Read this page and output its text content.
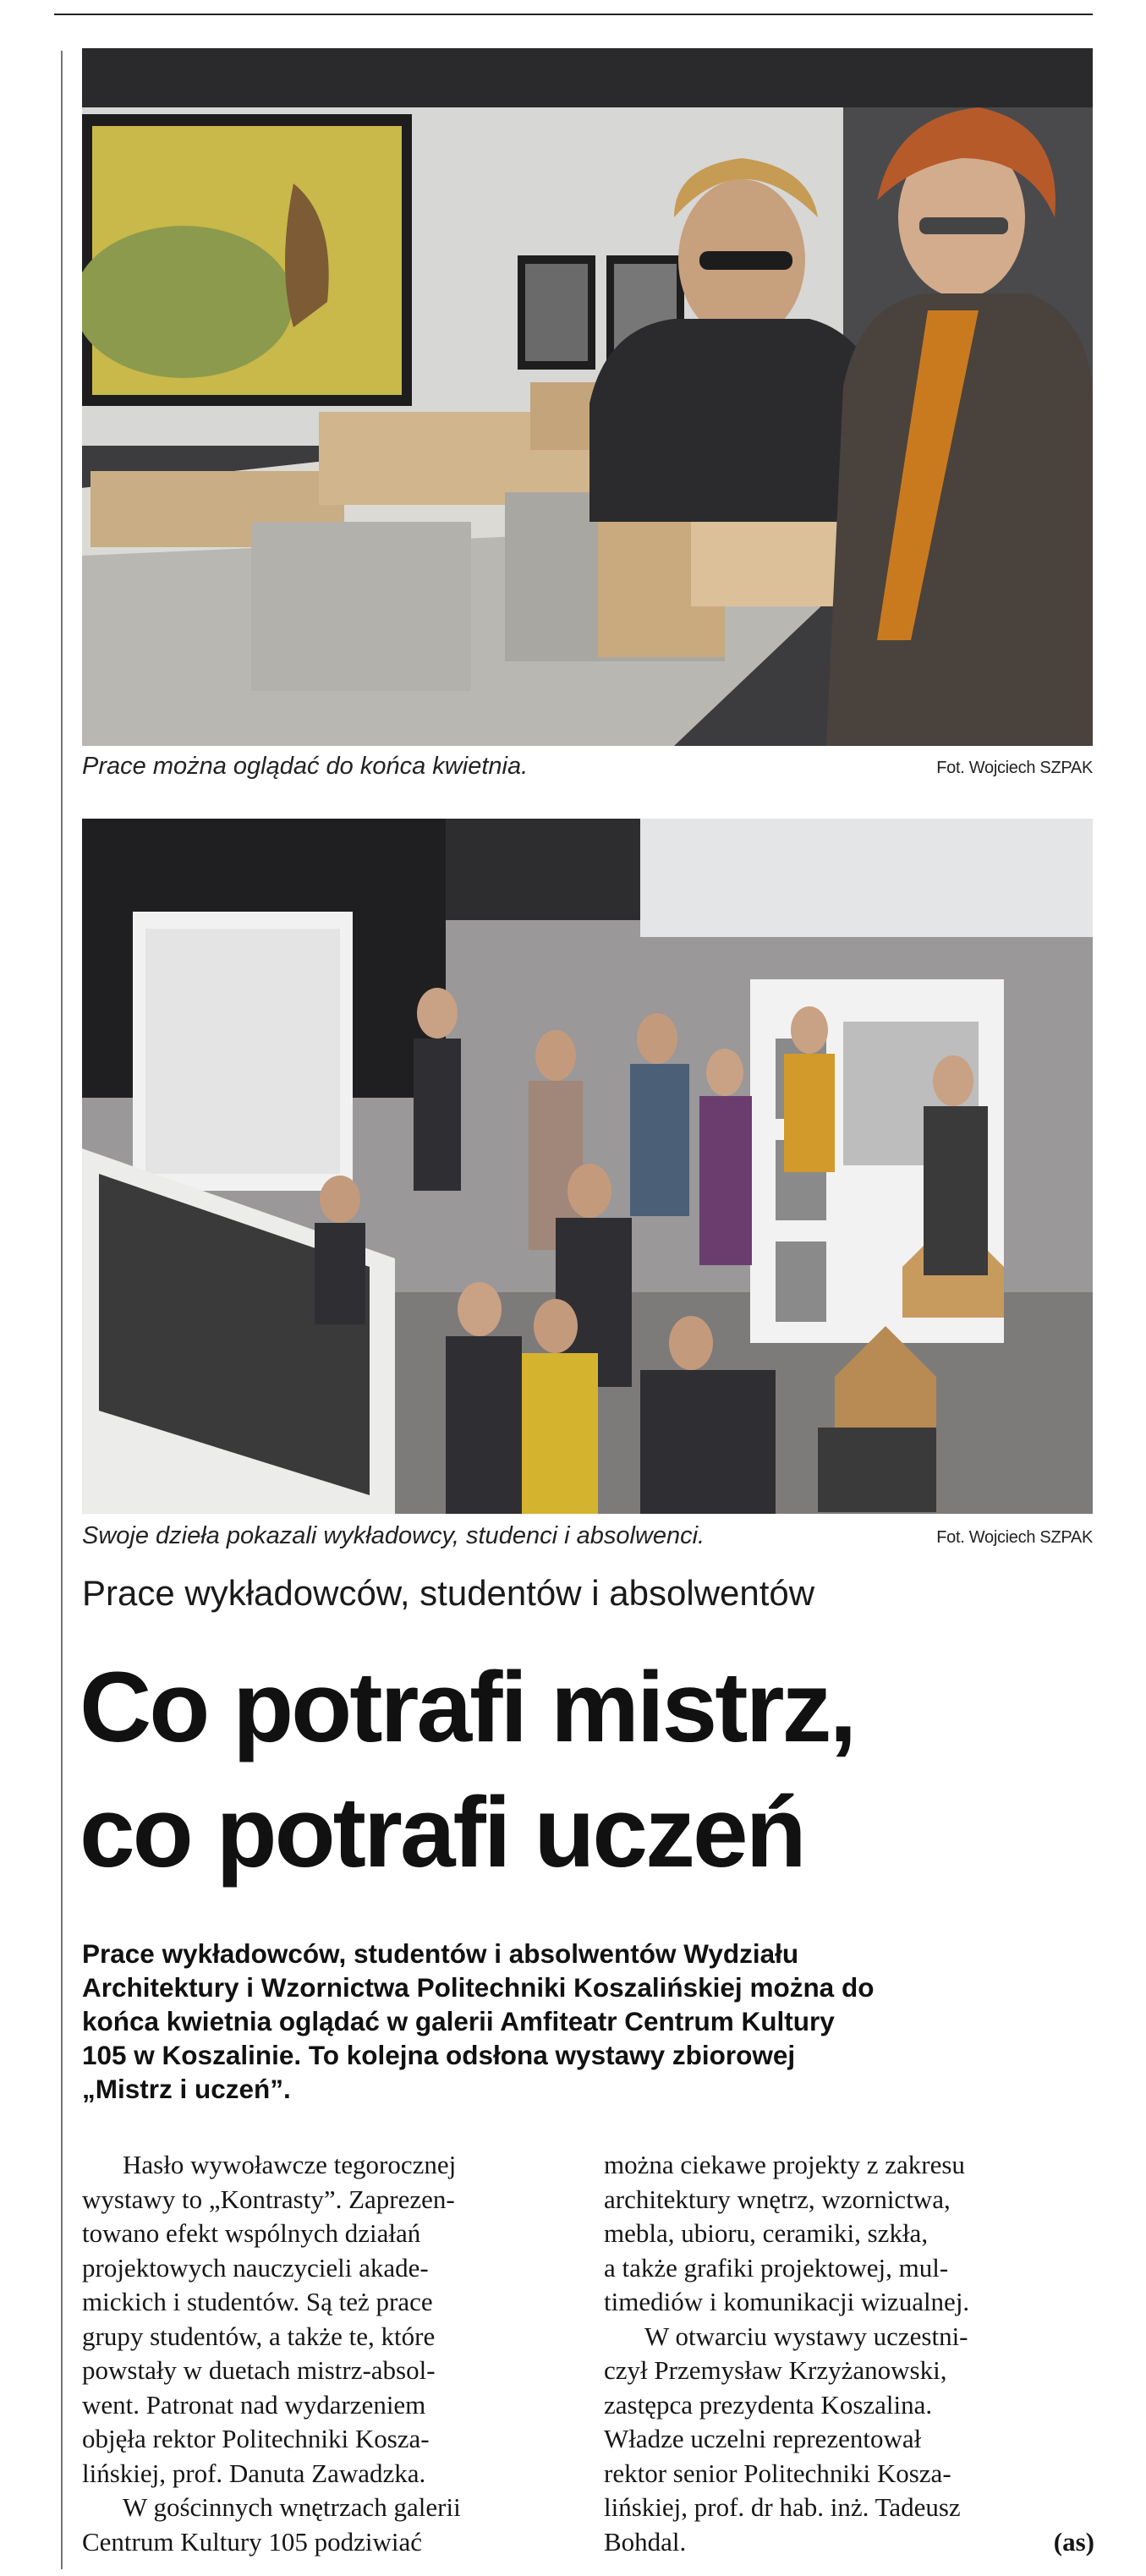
Prace można oglądać do końca kwietnia.	Fot. Wojciech SZPAK
Swoje dzieła pokazali wykładowcy, studenci i absolwenci.	Fot. Wojciech SZPAK
Prace wykładowców, studentów i absolwentów
Co potrafi mistrz,
co potrafi uczeń
Prace wykładowców, studentów i absolwentów Wydziału
Architektury i Wzornictwa Politechniki Koszalińskiej można do
końca kwietnia oglądać w galerii Amfiteatr Centrum Kultury
105 w Koszalinie. To kolejna odsłona wystawy zbiorowej
„Mistrz i uczeń”.
Hasło wywoławcze tegorocznej
wystawy to „Kontrasty”. Zaprezen-
towano efekt wspólnych działań
projektowych nauczycieli akade-
mickich i studentów. Są też prace
grupy studentów, a także te, które
powstały w duetach mistrz-absol-
went. Patronat nad wydarzeniem
objęła rektor Politechniki Kosza-
lińskiej, prof. Danuta Zawadzka.
W gościnnych wnętrzach galerii
Centrum Kultury 105 podziwiać
można ciekawe projekty z zakresu
architektury wnętrz, wzornictwa,
mebla, ubioru, ceramiki, szkła,
a także grafiki projektowej, mul-
timediów i komunikacji wizualnej.
W otwarciu wystawy uczestni-
czył Przemysław Krzyżanowski,
zastępca prezydenta Koszalina.
Władze uczelni reprezentował
rektor senior Politechniki Kosza-
lińskiej, prof. dr hab. inż. Tadeusz
Bohdal.	(as)
